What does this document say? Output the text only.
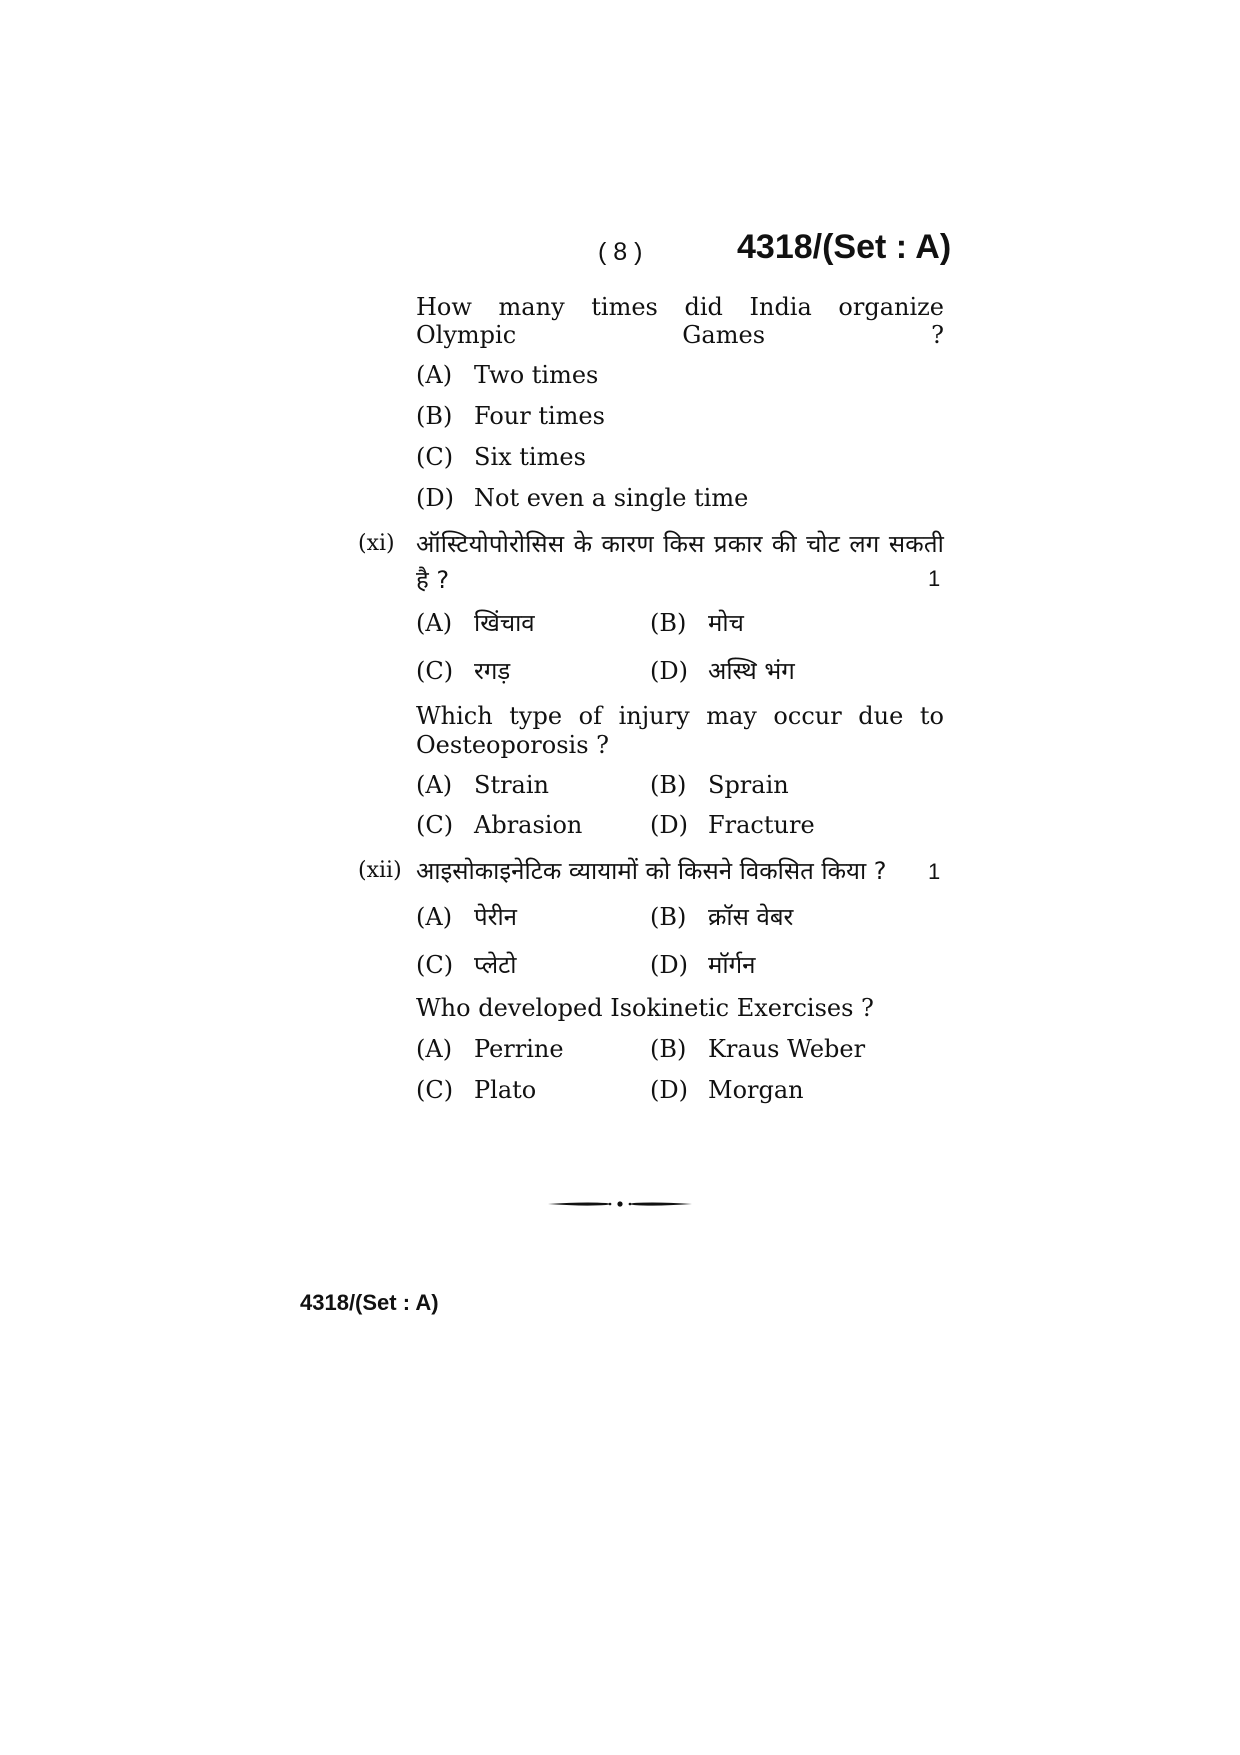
( 8 )	4318/(Set : A)
How many times did India organize Olympic Games ?
(A) Two times
(B) Four times
(C) Six times
(D) Not even a single time
(xi) ऑस्टियोपोरोसिस के कारण किस प्रकार की चोट लग सकती
है ?	1
(A) खिंचाव	(B) मोच
(C) रगड़	(D) अस्थि भंग
Which type of injury may occur due to
Oesteoporosis ?
(A) Strain	(B) Sprain
(C) Abrasion	(D) Fracture
(xii) आइसोकाइनेटिक व्यायामों को किसने विकसित किया ? 1
(A) पेरीन	(B) क्रॉस वेबर
(C) प्लेटो	(D) मॉर्गन
Who developed Isokinetic Exercises ?
(A) Perrine	(B) Kraus Weber
(C) Plato	(D) Morgan
4318/(Set : A)
